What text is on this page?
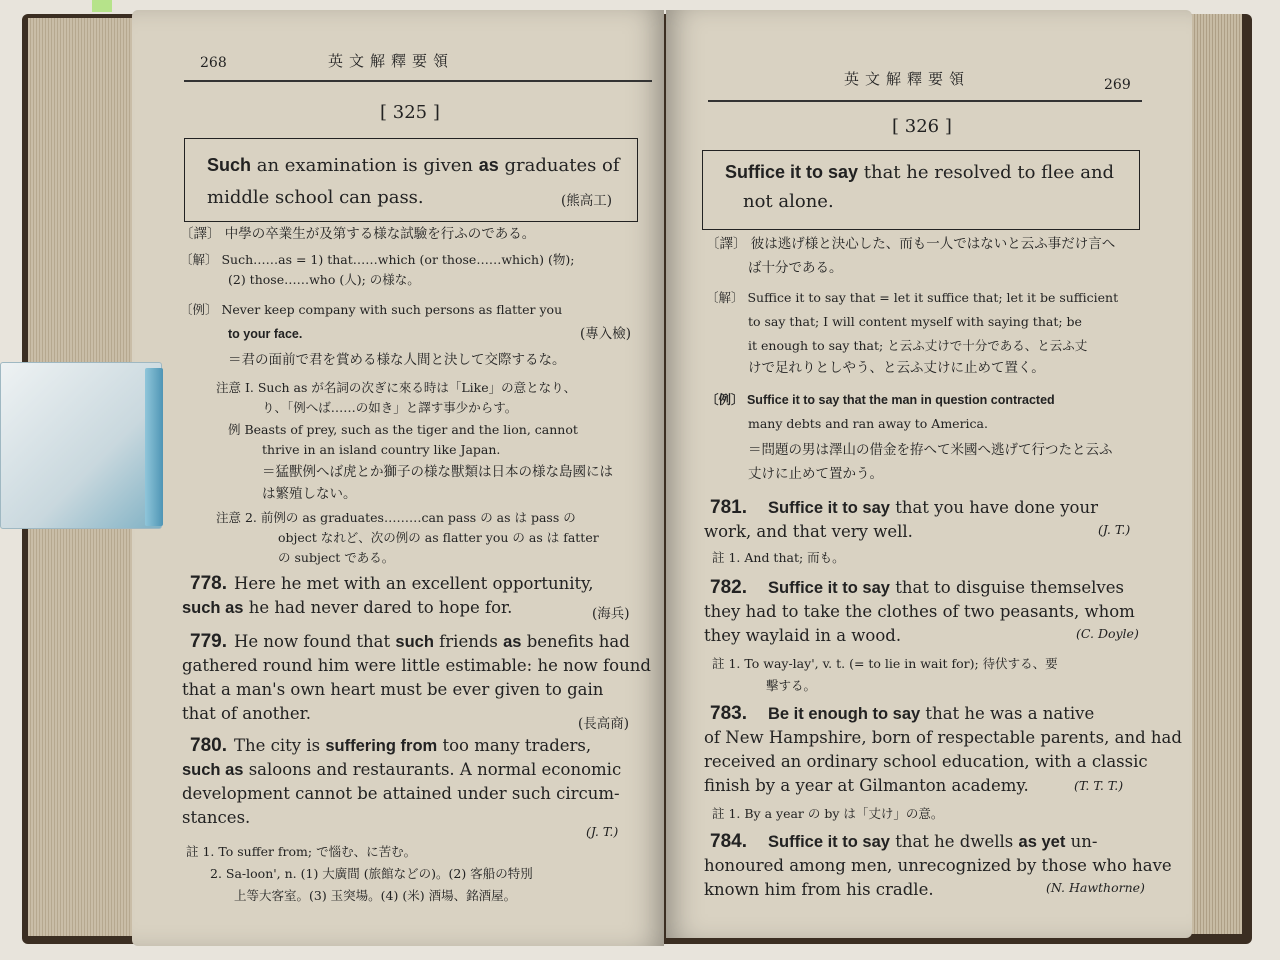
268	英文解釋要領
[ 325 ]
Such an examination is given as graduates of
middle school can pass.	(熊高工)
〔譯〕 中學の卒業生が及第する様な試驗を行ふのである。
〔解〕 Such……as = 1) that……which (or those……which) (物);
(2) those……who (人); の様な。
〔例〕 Never keep company with such persons as flatter you
to your face.	(專入檢)
＝君の面前で君を賞める様な人間と決して交際するな。
注意 I. Such as が名詞の次ぎに來る時は「Like」の意となり、
り、「例へば……の如き」と譯す事少からす。
例 Beasts of prey, such as the tiger and the lion, cannot
thrive in an island country like Japan.
＝猛獸例へば虎とか獅子の様な獸類は日本の様な島國には
は繁殖しない。
注意 2. 前例の as graduates………can pass の as は pass の
object なれど、次の例の as flatter you の as は fatter
の subject である。
778. Here he met with an excellent opportunity,
such as he had never dared to hope for.	(海兵)
779. He now found that such friends as benefits had
gathered round him were little estimable: he now found
that a man's own heart must be ever given to gain
that of another.
(長高商)
780. The city is suffering from too many traders,
such as saloons and restaurants. A normal economic
development cannot be attained under such circum-
stances.
(J. T.)
註 1. To suffer from; で惱む、に苦む。
2. Sa-loon', n. (1) 大廣間 (旅館などの)。(2) 客船の特別
上等大客室。(3) 玉突場。(4) (米) 酒場、銘酒屋。
英文解釋要領	269
[ 326 ]
Suffice it to say that he resolved to flee and
not alone.
〔譯〕 彼は逃げ様と決心した、而も一人ではないと云ふ事だけ言へ
ば十分である。
〔解〕 Suffice it to say that = let it suffice that; let it be sufficient
to say that; I will content myself with saying that; be
it enough to say that; と云ふ丈けで十分である、と云ふ丈
けで足れりとしやう、と云ふ丈けに止めて置く。
〔例〕 Suffice it to say that the man in question contracted
many debts and ran away to America.
＝問題の男は澤山の借金を拵へて米國へ逃げて行つたと云ふ
丈けに止めて置かう。
781. Suffice it to say that you have done your
work, and that very well.	(J. T.)
註 1. And that; 而も。
782. Suffice it to say that to disguise themselves
they had to take the clothes of two peasants, whom
they waylaid in a wood.	(C. Doyle)
註 1. To way-lay', v. t. (= to lie in wait for); 待伏する、要
擊する。
783. Be it enough to say that he was a native
of New Hampshire, born of respectable parents, and had
received an ordinary school education, with a classic
finish by a year at Gilmanton academy.	(T. T. T.)
註 1. By a year の by は「丈け」の意。
784. Suffice it to say that he dwells as yet un-
honoured among men, unrecognized by those who have
known him from his cradle.	(N. Hawthorne)
